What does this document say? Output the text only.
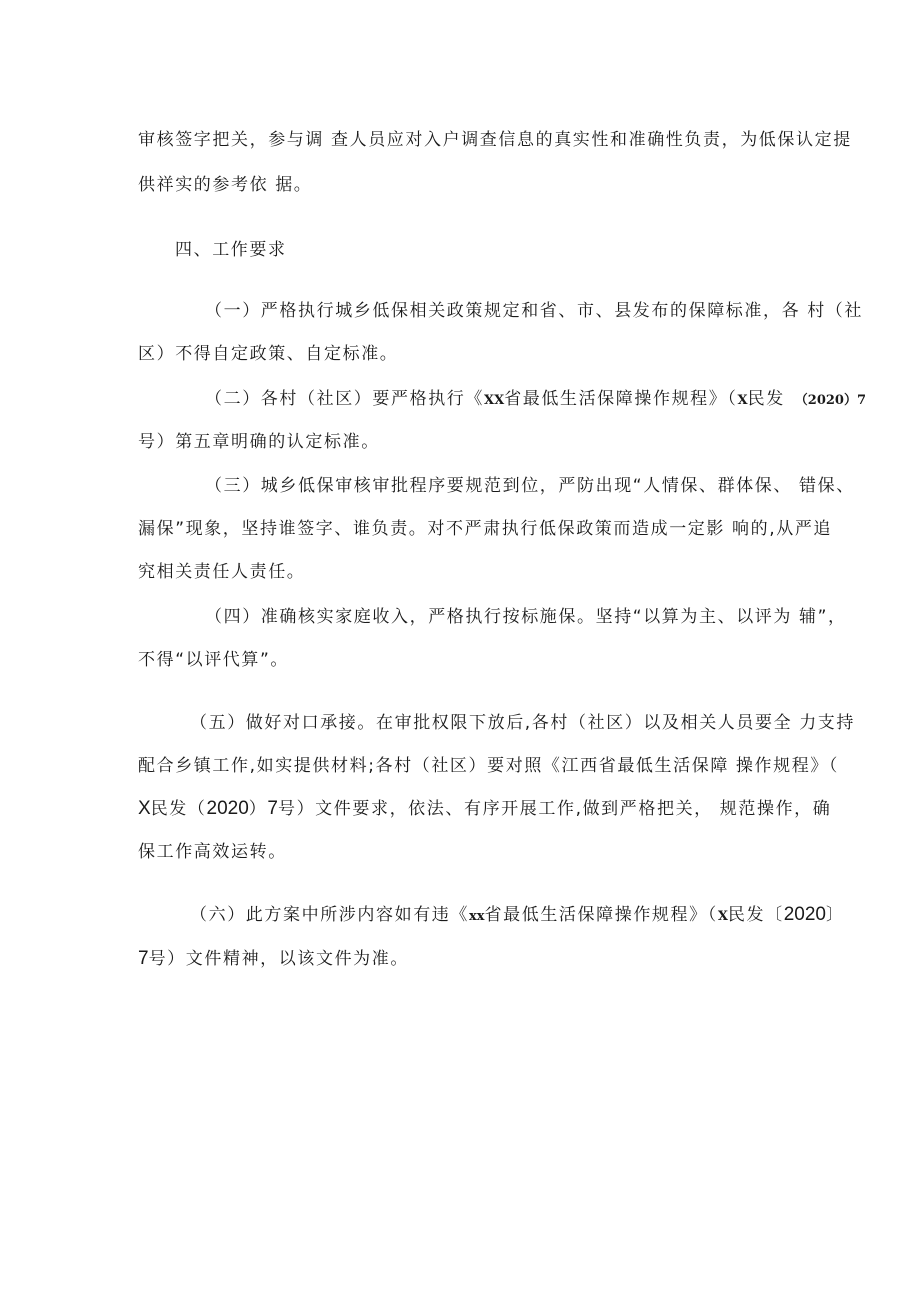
审核签字把关，参与调 查人员应对入户调查信息的真实性和准确性负责，为低保认定提

供祥实的参考依 据。

四、工作要求

（一）严格执行城乡低保相关政策规定和省、市、县发布的保障标准，各 村（社

区）不得自定政策、自定标准。

（二）各村（社区）要严格执行《XX省最低生活保障操作规程》（X民发 （2020）7

号）第五章明确的认定标准。

（三）城乡低保审核审批程序要规范到位，严防出现“人情保、群体保、 错保、

漏保”现象，坚持谁签字、谁负责。对不严肃执行低保政策而造成一定影 响的,从严追

究相关责任人责任。

（四）准确核实家庭收入，严格执行按标施保。坚持“以算为主、以评为 辅”，

不得“以评代算”。

（五）做好对口承接。在审批权限下放后,各村（社区）以及相关人员要全 力支持

配合乡镇工作,如实提供材料;各村（社区）要对照《江西省最低生活保障 操作规程》（

X民发（2020）7号）文件要求，依法、有序开展工作,做到严格把关， 规范操作，确

保工作高效运转。

（六）此方案中所涉内容如有违《xx省最低生活保障操作规程》（X民发〔2020〕

7号）文件精神，以该文件为准。
